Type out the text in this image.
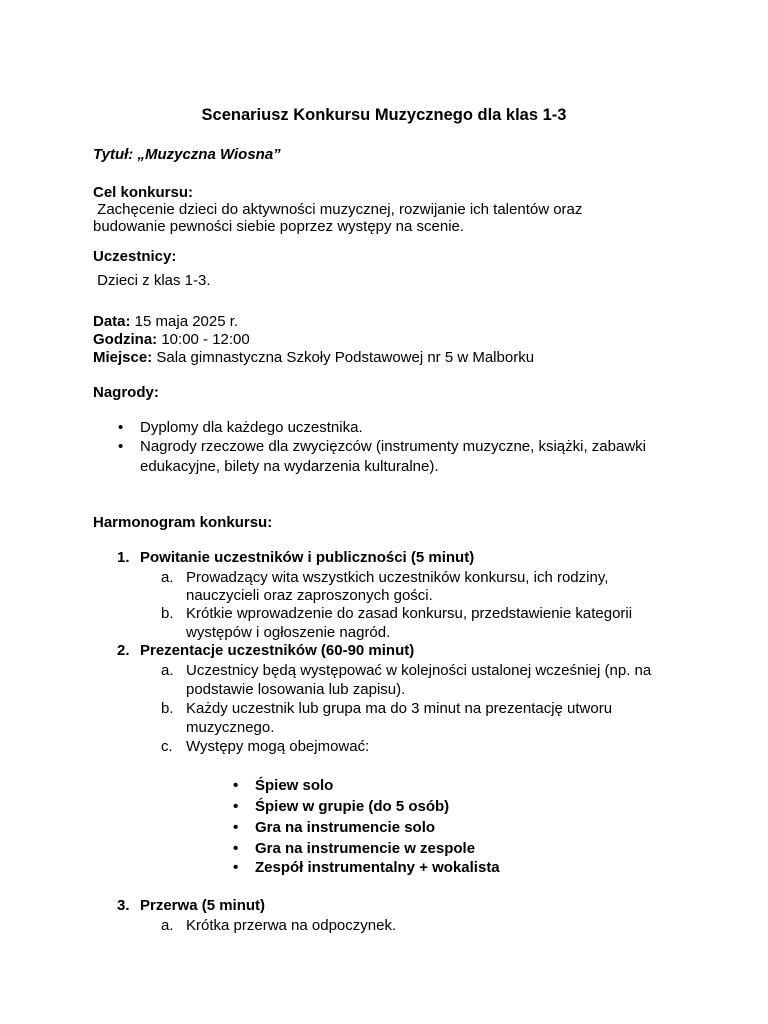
Scenariusz Konkursu Muzycznego dla klas 1-3
Tytuł: „Muzyczna Wiosna”
Cel konkursu:
Zachęcenie dzieci do aktywności muzycznej, rozwijanie ich talentów oraz
budowanie pewności siebie poprzez występy na scenie.
Uczestnicy:
Dzieci z klas 1-3.
Data: 15 maja 2025 r.
Godzina: 10:00 - 12:00
Miejsce: Sala gimnastyczna Szkoły Podstawowej nr 5 w Malborku
Nagrody:
• Dyplomy dla każdego uczestnika.
• Nagrody rzeczowe dla zwycięzców (instrumenty muzyczne, książki, zabawki
edukacyjne, bilety na wydarzenia kulturalne).
Harmonogram konkursu:
1. Powitanie uczestników i publiczności (5 minut)
a. Prowadzący wita wszystkich uczestników konkursu, ich rodziny,
nauczycieli oraz zaproszonych gości.
b. Krótkie wprowadzenie do zasad konkursu, przedstawienie kategorii
występów i ogłoszenie nagród.
2. Prezentacje uczestników (60-90 minut)
a. Uczestnicy będą występować w kolejności ustalonej wcześniej (np. na
podstawie losowania lub zapisu).
b. Każdy uczestnik lub grupa ma do 3 minut na prezentację utworu
muzycznego.
c. Występy mogą obejmować:
• Śpiew solo
• Śpiew w grupie (do 5 osób)
• Gra na instrumencie solo
• Gra na instrumencie w zespole
• Zespół instrumentalny + wokalista
3. Przerwa (5 minut)
a. Krótka przerwa na odpoczynek.
